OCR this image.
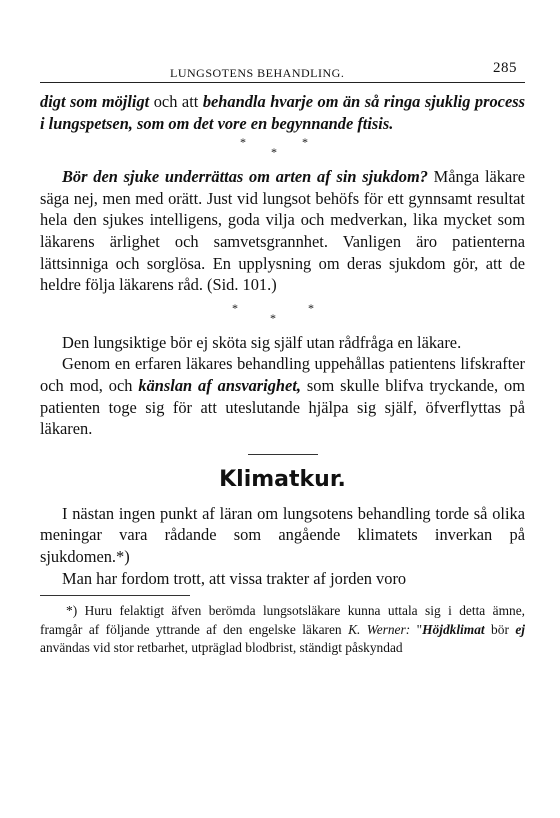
LUNGSOTENS BEHANDLING.	285

digt som möjligt och att behandla hvarje om än så ringa sjuklig process i lungspetsen, som om det vore en begynnande ftisis.

*	*
*

Bör den sjuke underrättas om arten af sin sjukdom? Många läkare säga nej, men med orätt. Just vid lungsot behöfs för ett gynnsamt resultat hela den sjukes intelligens, goda vilja och medverkan, lika mycket som läkarens ärlighet och samvetsgrannhet. Vanligen äro patienterna lättsinniga och sorglösa. En upplysning om deras sjukdom gör, att de heldre följa läkarens råd. (Sid. 101.)

*	*
*

Den lungsiktige bör ej sköta sig själf utan rådfråga en läkare.

Genom en erfaren läkares behandling uppehållas patientens lifskrafter och mod, och känslan af ansvarighet, som skulle blifva tryckande, om patienten toge sig för att uteslutande hjälpa sig själf, öfverflyttas på läkaren.

Klimatkur.

I nästan ingen punkt af läran om lungsotens behandling torde så olika meningar vara rådande som angående klimatets inverkan på sjukdomen.*)

Man har fordom trott, att vissa trakter af jorden voro

*) Huru felaktigt äfven berömda lungsotsläkare kunna uttala sig i detta ämne, framgår af följande yttrande af den engelske läkaren K. Werner: "Höjdklimat bör ej användas vid stor retbarhet, utpräglad blodbrist, ständigt påskyndad
